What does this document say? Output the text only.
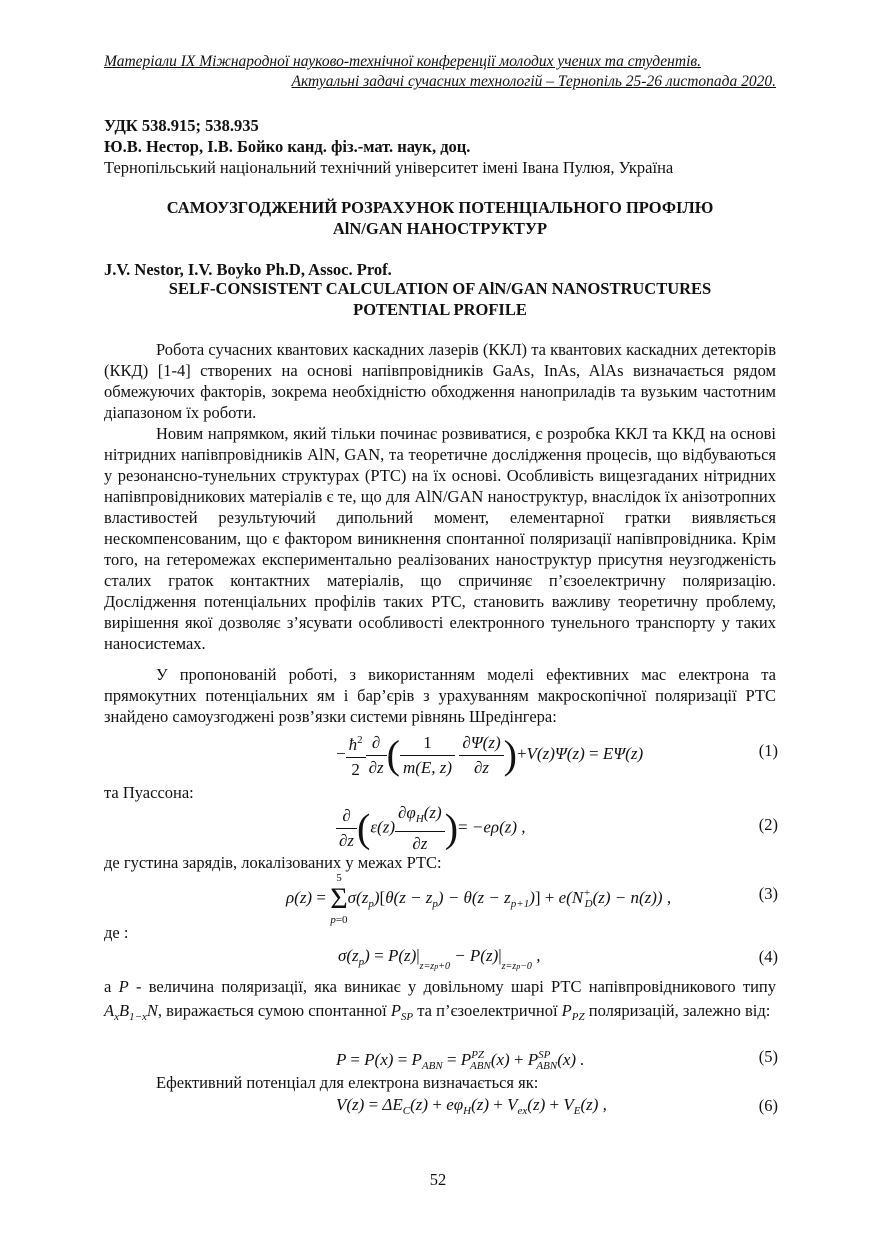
Матеріали IX Міжнародної науково-технічної конференції молодих учених та студентів.
Актуальні задачі сучасних технологій – Тернопіль 25-26 листопада 2020.
УДК 538.915; 538.935
Ю.В. Нестор, І.В. Бойко канд. фіз.-мат. наук, доц.
Тернопільський національний технічний університет імені Івана Пулюя, Україна
САМОУЗГОДЖЕНИЙ РОЗРАХУНОК ПОТЕНЦІАЛЬНОГО ПРОФІЛЮ
AlN/GAN НАНОСТРУКТУР
J.V. Nestor, I.V. Boyko Ph.D, Assoc. Prof.
SELF-CONSISTENT CALCULATION OF AlN/GAN NANOSTRUCTURES
POTENTIAL PROFILE
Робота сучасних квантових каскадних лазерів (ККЛ) та квантових каскадних детекторів (ККД) [1-4] створених на основі напівпровідників GaAs, InAs, AlAs визначається рядом обмежуючих факторів, зокрема необхідністю обходження наноприладів та вузьким частотним діапазоном їх роботи.
Новим напрямком, який тільки починає розвиватися, є розробка ККЛ та ККД на основі нітридних напівпровідників AlN, GAN, та теоретичне дослідження процесів, що відбуваються у резонансно-тунельних структурах (РТС) на їх основі. Особливість вищезгаданих нітридних напівпровідникових матеріалів є те, що для AlN/GAN наноструктур, внаслідок їх анізотропних властивостей результуючий дипольний момент, елементарної гратки виявляється нескомпенсованим, що є фактором виникнення спонтанної поляризації напівпровідника. Крім того, на гетеромежах експериментально реалізованих наноструктур присутня неузгодженість сталих граток контактних матеріалів, що спричиняє п’єзоелектричну поляризацію. Дослідження потенціальних профілів таких РТС, становить важливу теоретичну проблему, вирішення якої дозволяє з’ясувати особливості електронного тунельного транспорту у таких наносистемах.
У пропонованій роботі, з використанням моделі ефективних мас електрона та прямокутних потенціальних ям і бар’єрів з урахуванням макроскопічної поляризації РТС знайдено самоузгоджені розв’язки системи рівнянь Шредінгера:
− $\frac{ħ^2}{2} \frac{\partial}{\partial z}$ ( $\frac{1}{m(E, z)}$
$\frac{\partial\Psi(z)}{\partial z} )+V(z)\Psi(z) = E\Psi(z)$	(1)
та Пуассона:
$\frac{\partial}{\partial z} (\varepsilon(z) \frac{\partial\varphi_H(z)}{\partial z}$ )= −eρ(z) ,	(2)
де густина зарядів, локалізованих у межах РТС:
ρ(z) =
5
Σ
p=0
$\sigma(z_p)[\theta(z - z_p) - \theta(z - z_{p+1})] + e(N^+_D(z) - n(z))$ ,	(3)
де :
$\sigma(z_p) = P(z)|_{z=zp+0} - P(z)|_{z=zp-0}$ ,	(4)
а P - величина поляризації, яка виникає у довільному шарі РТС напівпровідникового типу $A_xB_{1-x}N$, виражається сумою спонтанної $P_{SP}$ та п’єзоелектричної $P_{PZ}$ поляризацій, залежно від:
$P = P(x) = P_{ABN} = P^{PZ}_{ABN}(x) + P^{SP}_{ABN}(x)$ .	(5)
Ефективний потенціал для електрона визначається як:
$V(z) = \Delta E_C(z) + e\varphi_H(z) + V_{ex}(z) + V_E(z)$ ,	(6)
52
